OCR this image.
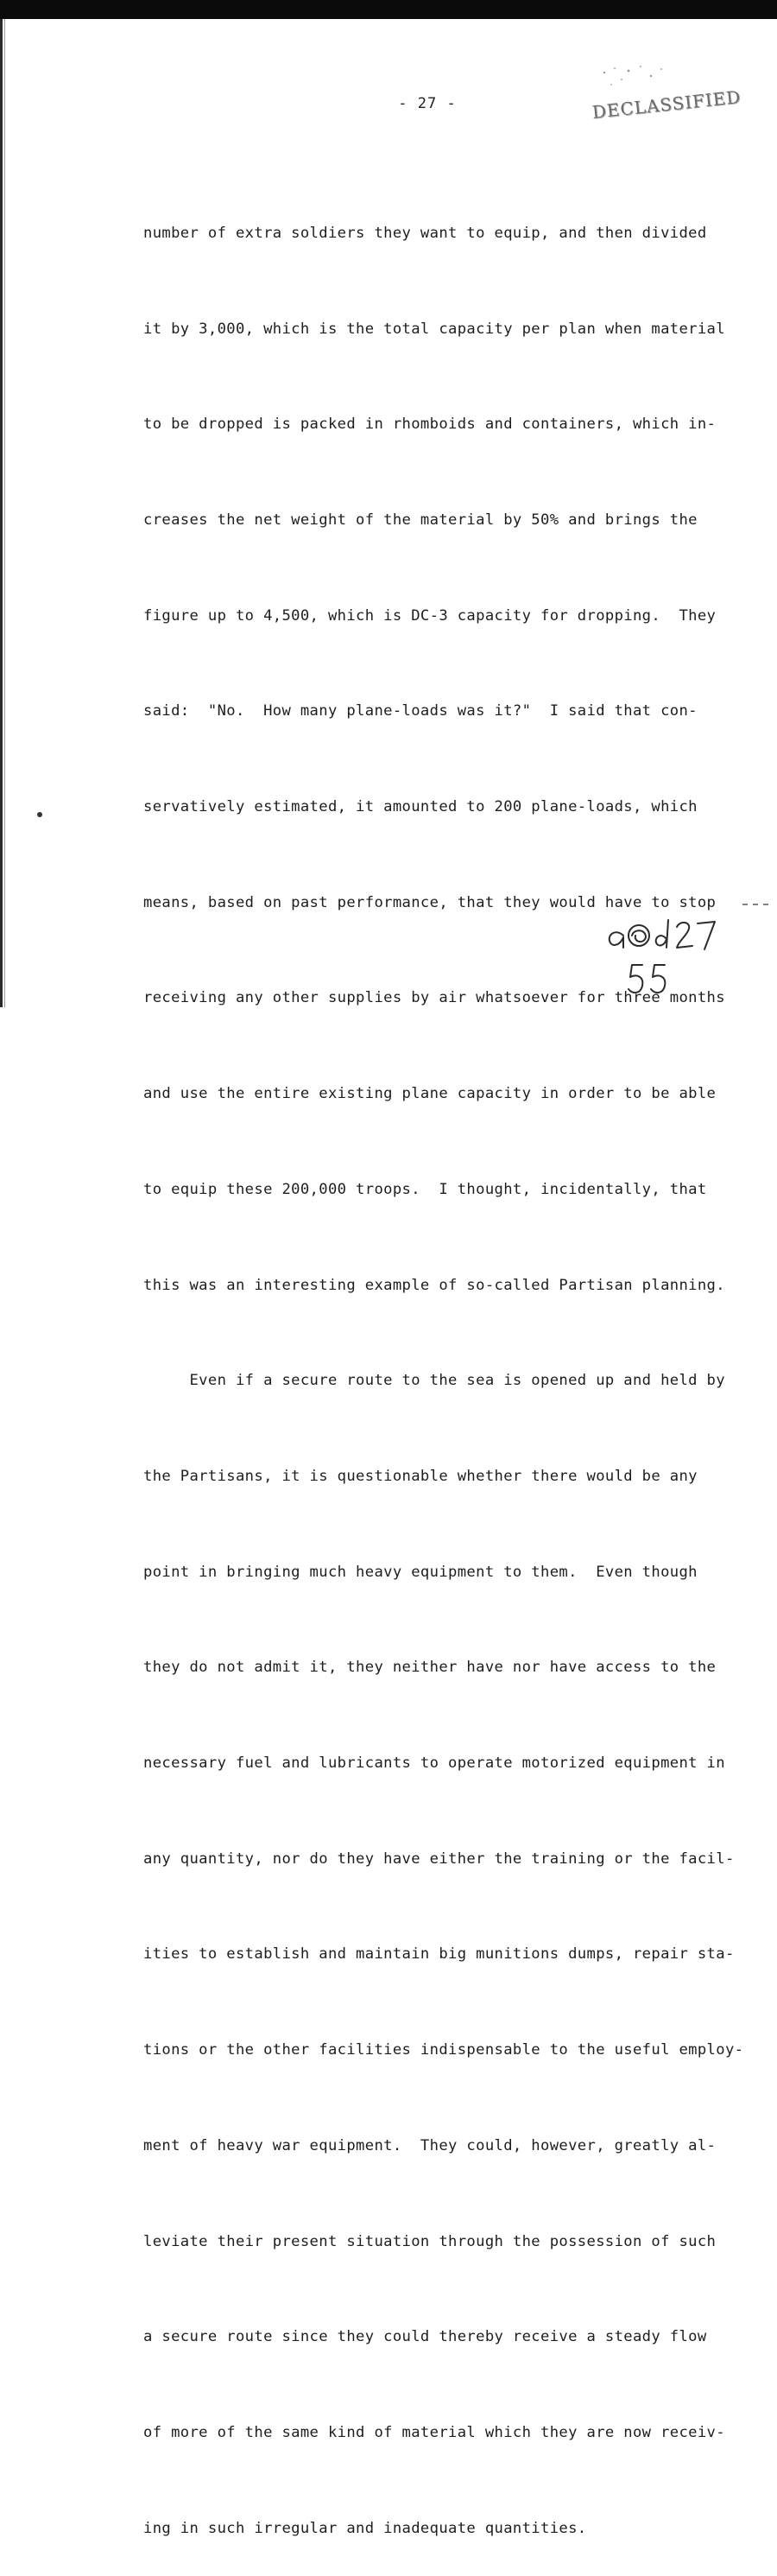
- 27 -	DECLASSIFIED

number of extra soldiers they want to equip, and then divided

it by 3,000, which is the total capacity per plan when material

to be dropped is packed in rhomboids and containers, which in-

creases the net weight of the material by 50% and brings the

figure up to 4,500, which is DC-3 capacity for dropping.  They

said:  "No.  How many plane-loads was it?"  I said that con-

servatively estimated, it amounted to 200 plane-loads, which

means, based on past performance, that they would have to stop

receiving any other supplies by air whatsoever for three months

and use the entire existing plane capacity in order to be able

to equip these 200,000 troops.  I thought, incidentally, that

this was an interesting example of so-called Partisan planning.

Even if a secure route to the sea is opened up and held by

the Partisans, it is questionable whether there would be any

point in bringing much heavy equipment to them.  Even though

they do not admit it, they neither have nor have access to the

necessary fuel and lubricants to operate motorized equipment in

any quantity, nor do they have either the training or the facil-

ities to establish and maintain big munitions dumps, repair sta-

tions or the other facilities indispensable to the useful employ-

ment of heavy war equipment.  They could, however, greatly al-

leviate their present situation through the possession of such

a secure route since they could thereby receive a steady flow

of more of the same kind of material which they are now receiv-

ing in such irregular and inadequate quantities.
